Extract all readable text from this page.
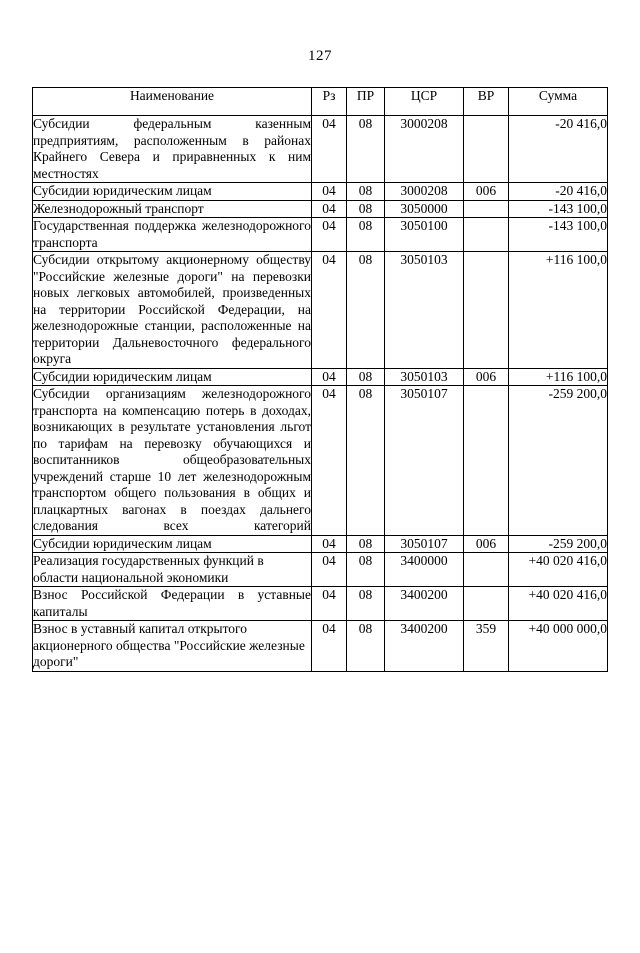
127
Наименование	Рз	ПР	ЦСР	ВР	Сумма
Субсидии федеральным казенным предприятиям, расположенным в районах Крайнего Севера и приравненных к ним местностях	04	08	3000208		-20 416,0
Субсидии юридическим лицам	04	08	3000208	006	-20 416,0
Железнодорожный транспорт	04	08	3050000		-143 100,0
Государственная поддержка железнодорожного транспорта	04	08	3050100		-143 100,0
Субсидии открытому акционерному обществу "Российские железные дороги" на перевозки новых легковых автомобилей, произведенных на территории Российской Федерации, на железнодорожные станции, расположенные на территории Дальневосточного федерального округа	04	08	3050103		+116 100,0
Субсидии юридическим лицам	04	08	3050103	006	+116 100,0
Субсидии организациям железнодорожного транспорта на компенсацию потерь в доходах, возникающих в результате установления льгот по тарифам на перевозку обучающихся и воспитанников общеобразовательных учреждений старше 10 лет железнодорожным транспортом общего пользования в общих и плацкартных вагонах в поездах дальнего следования всех категорий	04	08	3050107		-259 200,0
Субсидии юридическим лицам	04	08	3050107	006	-259 200,0
Реализация государственных функций в области национальной экономики	04	08	3400000		+40 020 416,0
Взнос Российской Федерации в уставные капиталы	04	08	3400200		+40 020 416,0
Взнос в уставный капитал открытого акционерного общества "Российские железные дороги"	04	08	3400200	359	+40 000 000,0
